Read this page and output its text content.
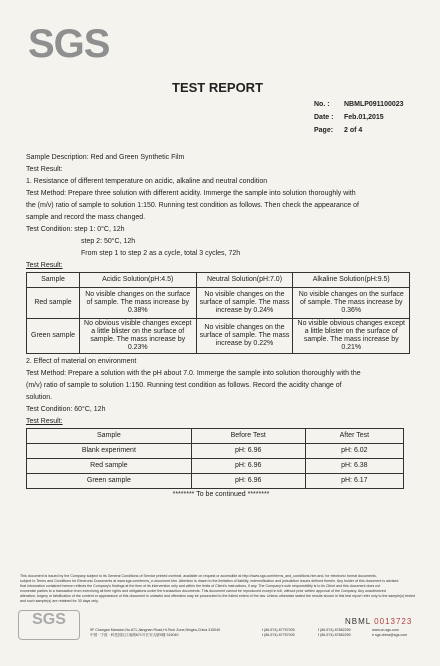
SGS
TEST REPORT
No. : NBMLP091100023
Date : Feb.01,2015
Page: 2 of 4

Sample Description: Red and Green Synthetic Film

Test Result:

1. Resistance of different temperature on acidic, alkaline and neutral condition

Test Method: Prepare three solution with different acidity. Immerge the sample into solution thoroughly with

the (m/v) ratio of sample to solution 1:150. Running test condition as follows. Then check the appearance of

sample and record the mass changed.

Test Condition: step 1: 0°C, 12h

step 2: 50°C, 12h

From step 1 to step 2 as a cycle, total 3 cycles, 72h

Test Result:

Sample	Acidic Solution(pH:4.5)	Neutral Solution(pH:7.0)	Alkaline Solution(pH:9.5)
Red sample	No visible changes on the surface of sample. The mass increase by 0.38%	No visible changes on the surface of sample. The mass increase by 0.24%	No visible changes on the surface of sample. The mass increase by 0.36%
Green sample	No obvious visible changes except a little blister on the surface of sample. The mass increase by 0.23%	No visible changes on the surface of sample. The mass increase by 0.22%	No visible obvious changes except a little blister on the surface of sample. The mass increase by 0.21%

2. Effect of material on environment

Test Method: Prepare a solution with the pH about 7.0. Immerge the sample into solution thoroughly with the

(m/v) ratio of sample to solution 1:150. Running test condition as follows. Record the acidity change of

solution.

Test Condition: 60°C, 12h

Test Result:

Sample	Before Test	After Test
Blank experiment	pH: 6.96	pH: 6.02
Red sample	pH: 6.96	pH: 6.38
Green sample	pH: 6.96	pH: 6.17

******** To be continued ********

This document is issued by the Company subject to its General Conditions of Service printed overleaf, available on request or accessible at http://www.sgs.com/terms_and_conditions.htm and, for electronic format documents,
subject to Terms and Conditions for Electronic Documents at www.sgs.com/terms_e-document.htm. Attention is drawn to the limitation of liability, indemnification and jurisdiction issues defined therein. Any holder of this document is advised
that information contained hereon reflects the Company's findings at the time of its intervention only and within the limits of Client's instructions, if any. The Company's sole responsibility is to its Client and this document does not
exonerate parties to a transaction from exercising all their rights and obligations under the transaction documents. This document cannot be reproduced except in full, without prior written approval of the Company. Any unauthorized
alteration, forgery or falsification of the content or appearance of this document is unlawful and offenders may be prosecuted to the fullest extent of the law. Unless otherwise stated the results shown in this test report refer only to the sample(s) tested and such sample(s) are retained for 30 days only.
SGS	NBML 0013723
9F Changan Mansion,No.671,Jiangnan Road,Hi-Tech Zone,Ningbo,China 315040
中国 · 宁波 · 科技园区江南路671号长安大厦9楼 315040
t (86-574) 87757005
t (86-574) 87757005
f (86-574) 87882259
f (86-574) 87882259
www.cn.sgs.com
e sgs.china@sgs.com
